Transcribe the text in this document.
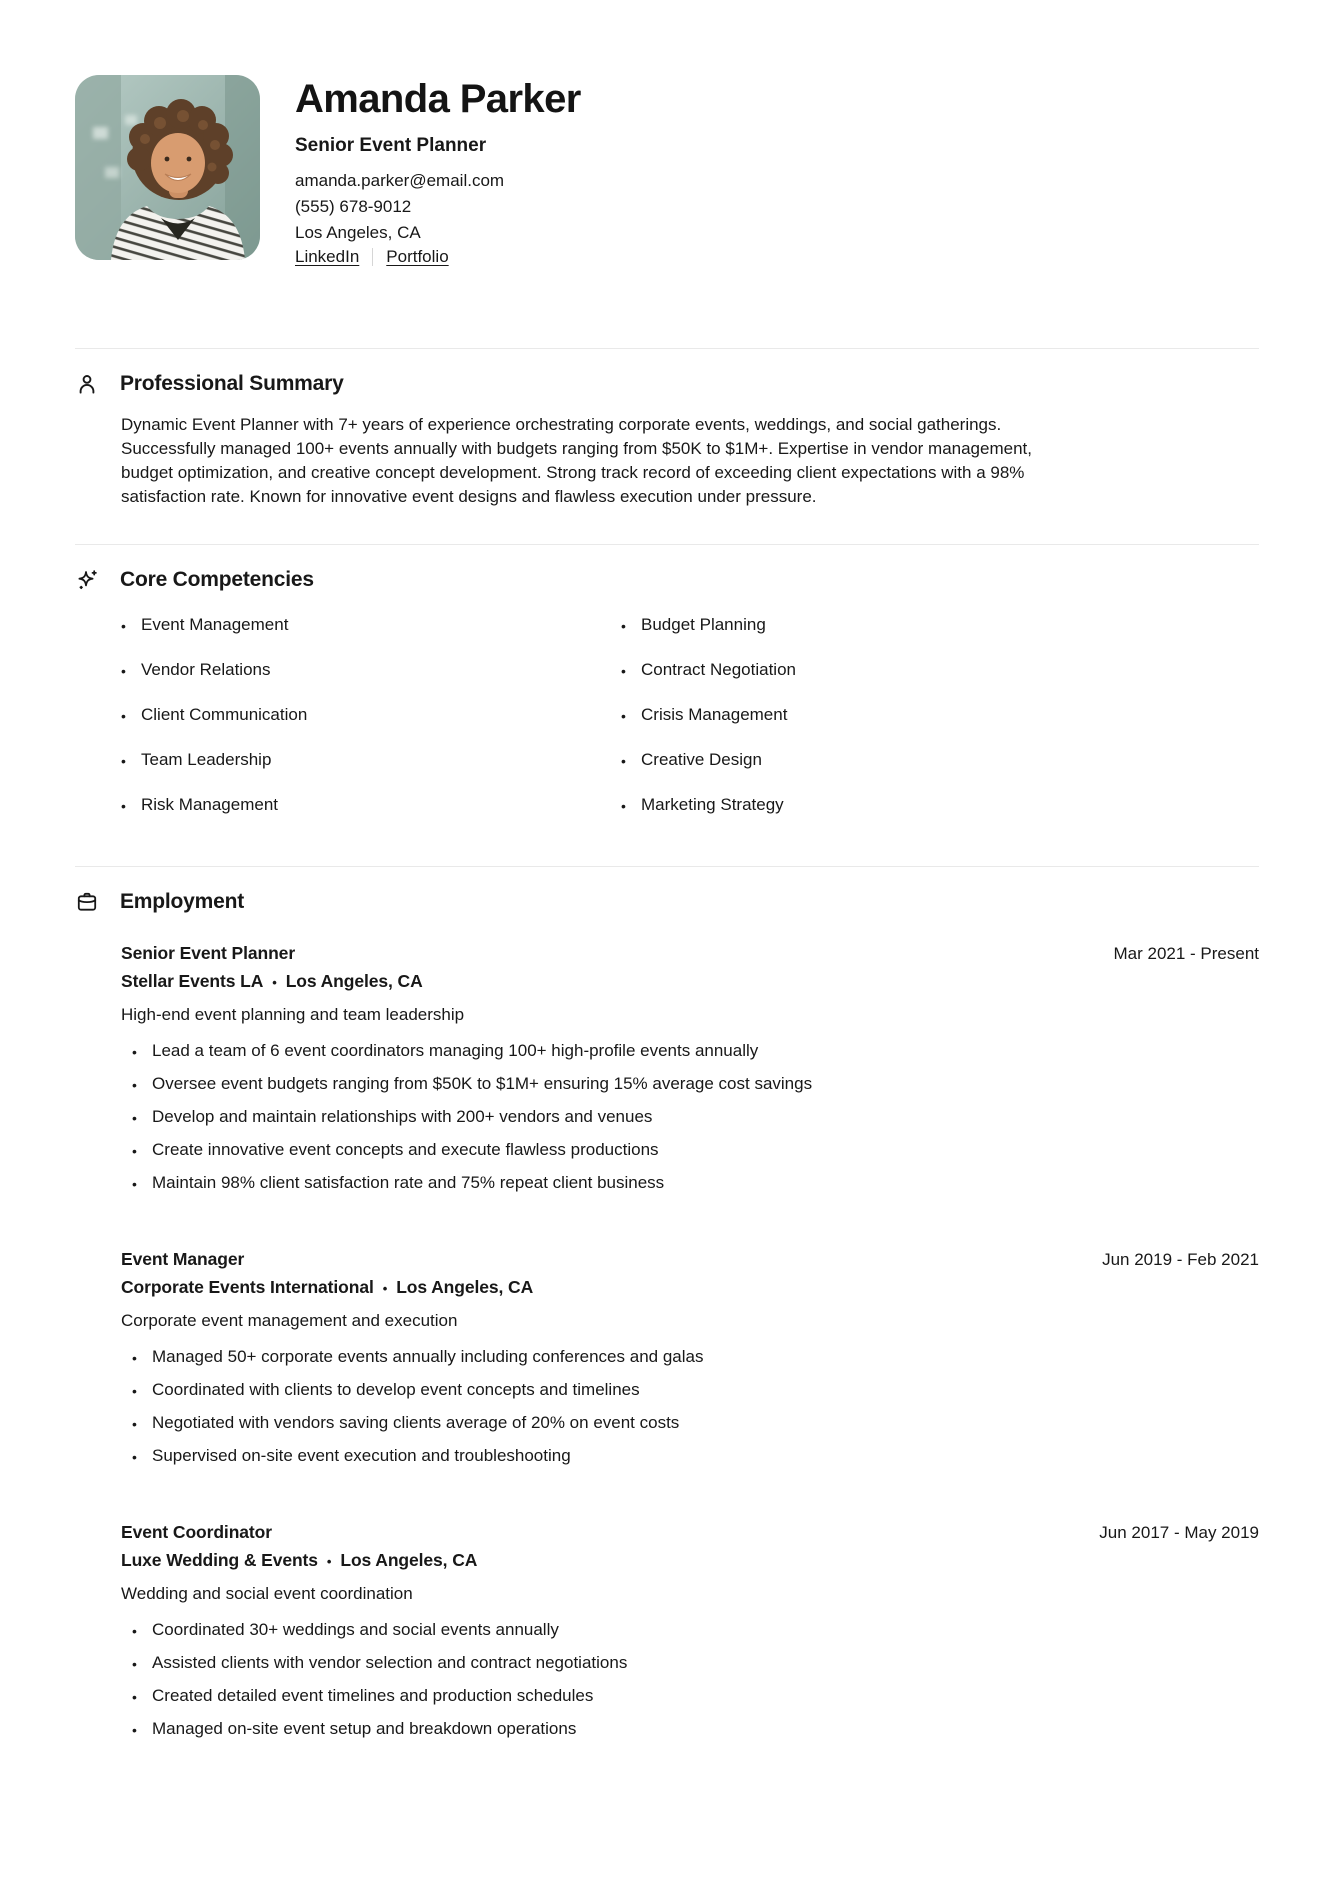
Amanda Parker
Senior Event Planner
amanda.parker@email.com
(555) 678-9012
Los Angeles, CA
LinkedIn Portfolio
Professional Summary

Dynamic Event Planner with 7+ years of experience orchestrating corporate events, weddings, and social gatherings. Successfully managed 100+ events annually with budgets ranging from $50K to $1M+. Expertise in vendor management, budget optimization, and creative concept development. Strong track record of exceeding client expectations with a 98% satisfaction rate. Known for innovative event designs and flawless execution under pressure.

Core Competencies
•
Event Management
•
Vendor Relations
•
Client Communication
•
Team Leadership
•
Risk Management
•
Budget Planning
•
Contract Negotiation
•
Crisis Management
•
Creative Design
•
Marketing Strategy
Employment
Senior Event Planner	Mar 2021 - Present
Stellar Events LA • Los Angeles, CA
High-end event planning and team leadership
•
Lead a team of 6 event coordinators managing 100+ high-profile events annually
•
Oversee event budgets ranging from $50K to $1M+ ensuring 15% average cost savings
•
Develop and maintain relationships with 200+ vendors and venues
•
Create innovative event concepts and execute flawless productions
•
Maintain 98% client satisfaction rate and 75% repeat client business
Event Manager	Jun 2019 - Feb 2021
Corporate Events International • Los Angeles, CA
Corporate event management and execution
•
Managed 50+ corporate events annually including conferences and galas
•
Coordinated with clients to develop event concepts and timelines
•
Negotiated with vendors saving clients average of 20% on event costs
•
Supervised on-site event execution and troubleshooting
Event Coordinator	Jun 2017 - May 2019
Luxe Wedding & Events • Los Angeles, CA
Wedding and social event coordination
•
Coordinated 30+ weddings and social events annually
•
Assisted clients with vendor selection and contract negotiations
•
Created detailed event timelines and production schedules
•
Managed on-site event setup and breakdown operations
